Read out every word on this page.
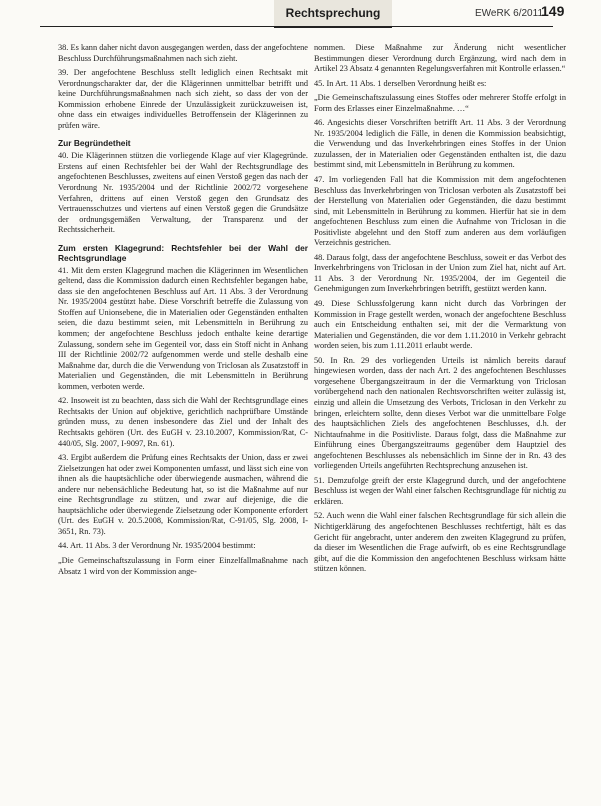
Rechtsprechung	EWeRK 6/2011
149

38. Es kann daher nicht davon ausgegangen werden, dass der angefochtene Beschluss Durchführungsmaßnahmen nach sich zieht.

39. Der angefochtene Beschluss stellt lediglich einen Rechtsakt mit Verordnungscharakter dar, der die Klägerinnen unmittelbar betrifft und keine Durchführungsmaßnahmen nach sich zieht, so dass der von der Kommission erhobene Einrede der Unzulässigkeit zurückzuweisen ist, ohne dass ein etwaiges individuelles Betroffensein der Klägerinnen zu prüfen wäre.

Zur Begründetheit

40. Die Klägerinnen stützen die vorliegende Klage auf vier Klagegründe. Erstens auf einen Rechtsfehler bei der Wahl der Rechtsgrundlage des angefochtenen Beschlusses, zweitens auf einen Verstoß gegen das nach der Verordnung Nr. 1935/2004 und der Richtlinie 2002/72 vorgesehene Verfahren, drittens auf einen Verstoß gegen den Grundsatz des Vertrauensschutzes und viertens auf einen Verstoß gegen die Grundsätze der ordnungsgemäßen Verwaltung, der Transparenz und der Rechtssicherheit.

Zum ersten Klagegrund: Rechtsfehler bei der Wahl der Rechtsgrundlage

41. Mit dem ersten Klagegrund machen die Klägerinnen im Wesentlichen geltend, dass die Kommission dadurch einen Rechtsfehler begangen habe, dass sie den angefochtenen Beschluss auf Art. 11 Abs. 3 der Verordnung Nr. 1935/2004 gestützt habe. Diese Vorschrift betreffe die Zulassung von Stoffen auf Unionsebene, die in Materialien oder Gegenständen enthalten seien, die dazu bestimmt seien, mit Lebensmitteln in Berührung zu kommen; der angefochtene Beschluss jedoch enthalte keine derartige Zulassung, sondern sehe im Gegenteil vor, dass ein Stoff nicht in Anhang III der Richtlinie 2002/72 aufgenommen werde und stelle deshalb eine Maßnahme dar, durch die die Verwendung von Triclosan als Zusatzstoff in Materialien und Gegenständen, die mit Lebensmitteln in Berührung kommen, verboten werde.

42. Insoweit ist zu beachten, dass sich die Wahl der Rechtsgrundlage eines Rechtsakts der Union auf objektive, gerichtlich nachprüfbare Umstände gründen muss, zu denen insbesondere das Ziel und der Inhalt des Rechtsakts gehören (Urt. des EuGH v. 23.10.2007, Kommission/Rat, C-440/05, Slg. 2007, I-9097, Rn. 61).

43. Ergibt außerdem die Prüfung eines Rechtsakts der Union, dass er zwei Zielsetzungen hat oder zwei Komponenten umfasst, und lässt sich eine von ihnen als die hauptsächliche oder überwiegende ausmachen, während die andere nur nebensächliche Bedeutung hat, so ist die Maßnahme auf nur eine Rechtsgrundlage zu stützen, und zwar auf diejenige, die die hauptsächliche oder überwiegende Zielsetzung oder Komponente erfordert (Urt. des EuGH v. 20.5.2008, Kommission/Rat, C-91/05, Slg. 2008, I-3651, Rn. 73).

44. Art. 11 Abs. 3 der Verordnung Nr. 1935/2004 bestimmt:

„Die Gemeinschaftszulassung in Form einer Einzelfallmaßnahme nach Absatz 1 wird von der Kommission ange-

nommen. Diese Maßnahme zur Änderung nicht wesentlicher Bestimmungen dieser Verordnung durch Ergänzung, wird nach dem in Artikel 23 Absatz 4 genannten Regelungsverfahren mit Kontrolle erlassen.“

45. In Art. 11 Abs. 1 derselben Verordnung heißt es:

„Die Gemeinschaftszulassung eines Stoffes oder mehrerer Stoffe erfolgt in Form des Erlasses einer Einzelmaßnahme. …“

46. Angesichts dieser Vorschriften betrifft Art. 11 Abs. 3 der Verordnung Nr. 1935/2004 lediglich die Fälle, in denen die Kommission beabsichtigt, die Verwendung und das Inverkehrbringen eines Stoffes in der Union zuzulassen, der in Materialien oder Gegenständen enthalten ist, die dazu bestimmt sind, mit Lebensmitteln in Berührung zu kommen.

47. Im vorliegenden Fall hat die Kommission mit dem angefochtenen Beschluss das Inverkehrbringen von Triclosan verboten als Zusatzstoff bei der Herstellung von Materialien oder Gegenständen, die dazu bestimmt sind, mit Lebensmitteln in Berührung zu kommen. Hierfür hat sie in dem angefochtenen Beschluss zum einen die Aufnahme von Triclosan in die Positivliste abgelehnt und den Stoff zum anderen aus dem vorläufigen Verzeichnis gestrichen.

48. Daraus folgt, dass der angefochtene Beschluss, soweit er das Verbot des Inverkehrbringens von Triclosan in der Union zum Ziel hat, nicht auf Art. 11 Abs. 3 der Verordnung Nr. 1935/2004, der im Gegenteil die Genehmigungen zum Inverkehrbringen betrifft, gestützt werden kann.

49. Diese Schlussfolgerung kann nicht durch das Vorbringen der Kommission in Frage gestellt werden, wonach der angefochtene Beschluss auch ein Entscheidung enthalten sei, mit der die Vermarktung von Materialien und Gegenständen, die vor dem 1.11.2010 in Verkehr gebracht worden seien, bis zum 1.11.2011 erlaubt werde.

50. In Rn. 29 des vorliegenden Urteils ist nämlich bereits darauf hingewiesen worden, dass der nach Art. 2 des angefochtenen Beschlusses vorgesehene Übergangszeitraum in der die Vermarktung von Triclosan vorübergehend nach den nationalen Rechtsvorschriften weiter zulässig ist, einzig und allein die Umsetzung des Verbots, Triclosan in den Verkehr zu bringen, erleichtern sollte, denn dieses Verbot war die unmittelbare Folge des hauptsächlichen Ziels des angefochtenen Beschlusses, d.h. der Nichtaufnahme in die Positivliste. Daraus folgt, dass die Maßnahme zur Einführung eines Übergangszeitraums gegenüber dem Hauptziel des angefochtenen Beschlusses als nebensächlich im Sinne der in Rn. 43 des vorliegenden Urteils angeführten Rechtsprechung anzusehen ist.

51. Demzufolge greift der erste Klagegrund durch, und der angefochtene Beschluss ist wegen der Wahl einer falschen Rechtsgrundlage für nichtig zu erklären.

52. Auch wenn die Wahl einer falschen Rechtsgrundlage für sich allein die Nichtigerklärung des angefochtenen Beschlusses rechtfertigt, hält es das Gericht für angebracht, unter anderem den zweiten Klagegrund zu prüfen, da dieser im Wesentlichen die Frage aufwirft, ob es eine Rechtsgrundlage gibt, auf die die Kommission den angefochtenen Beschluss wirksam hätte stützen können.
